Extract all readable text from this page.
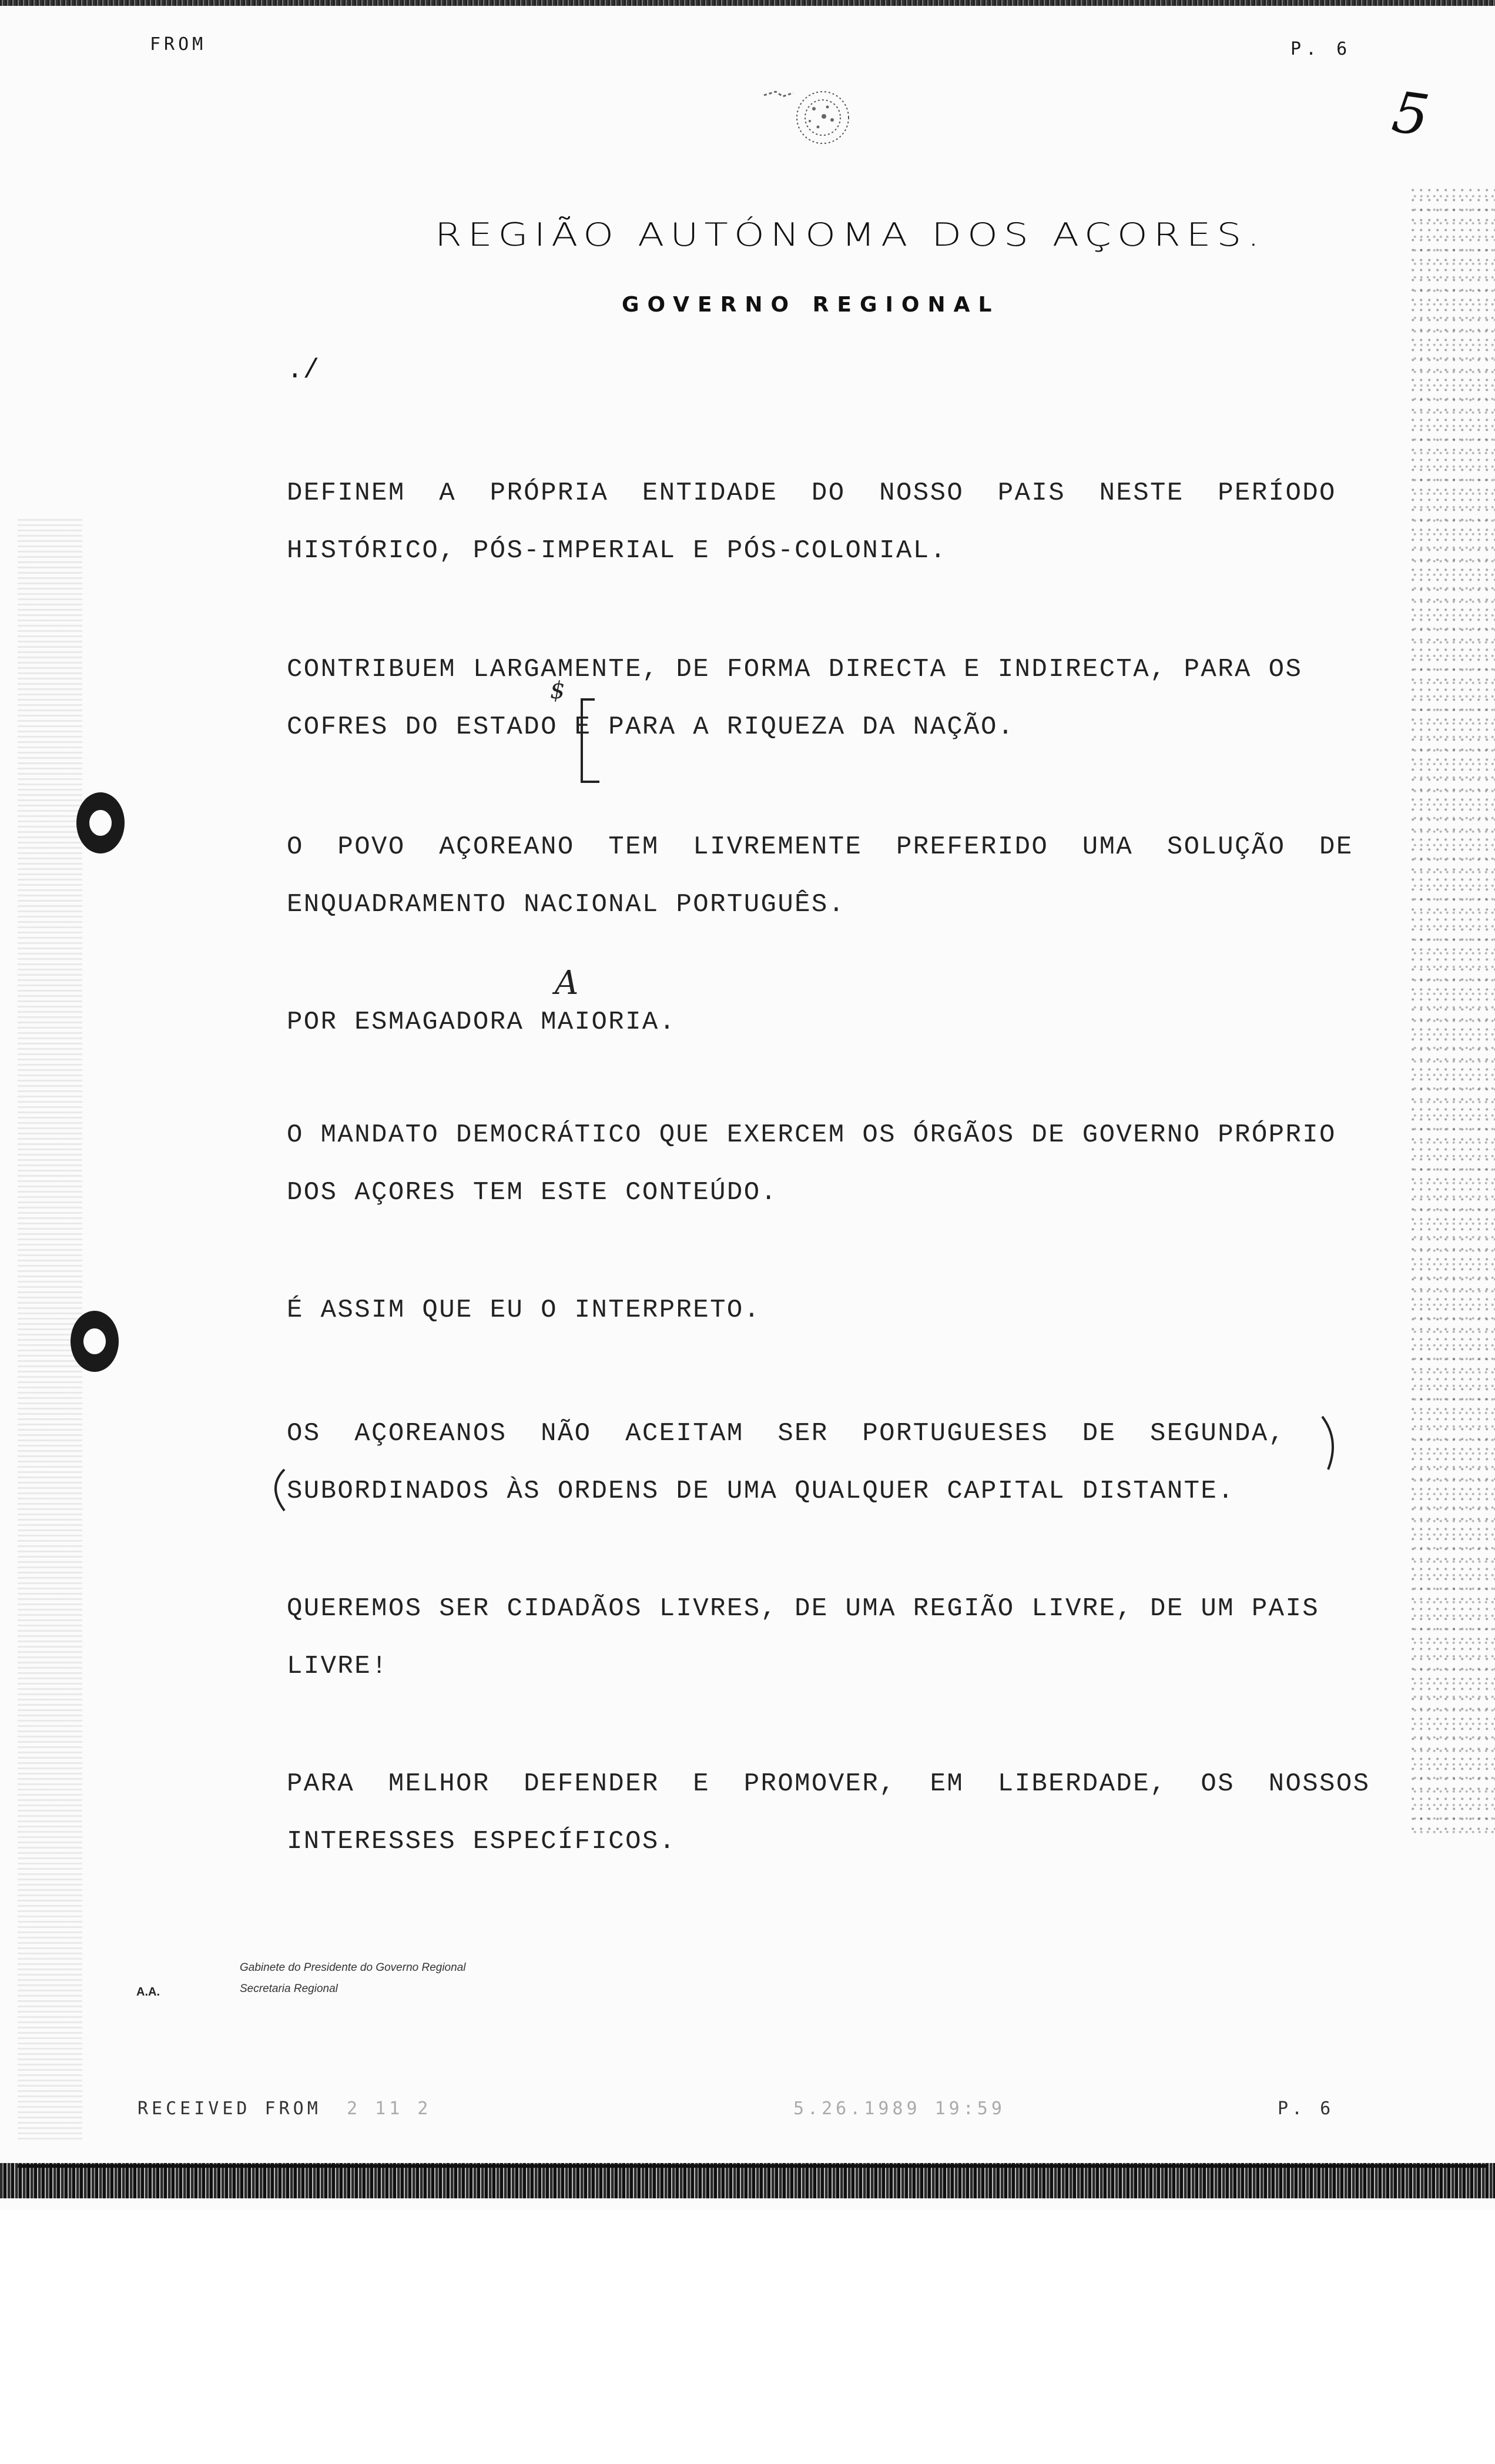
FROM	P. 6
5
REGIÃO AUTÓNOMA DOS AÇORES.
GOVERNO REGIONAL
./

DEFINEM  A  PRÓPRIA  ENTIDADE  DO  NOSSO  PAIS  NESTE  PERÍODO
HISTÓRICO, PÓS-IMPERIAL E PÓS-COLONIAL.

CONTRIBUEM LARGAMENTE, DE FORMA DIRECTA E INDIRECTA, PARA OS
COFRES DO ESTADO E PARA A RIQUEZA DA NAÇÃO.

O  POVO  AÇOREANO  TEM  LIVREMENTE  PREFERIDO  UMA  SOLUÇÃO  DE
ENQUADRAMENTO NACIONAL PORTUGUÊS.

POR ESMAGADORA MAIORIA.

O MANDATO DEMOCRÁTICO QUE EXERCEM OS ÓRGÃOS DE GOVERNO PRÓPRIO
DOS AÇORES TEM ESTE CONTEÚDO.

É ASSIM QUE EU O INTERPRETO.

OS  AÇOREANOS  NÃO  ACEITAM  SER  PORTUGUESES  DE  SEGUNDA,
SUBORDINADOS ÀS ORDENS DE UMA QUALQUER CAPITAL DISTANTE.

QUEREMOS SER CIDADÃOS LIVRES, DE UMA REGIÃO LIVRE, DE UM PAIS
LIVRE!

PARA  MELHOR  DEFENDER  E  PROMOVER,  EM  LIBERDADE,  OS  NOSSOS
INTERESSES ESPECÍFICOS.

$
A
Gabinete do Presidente do Governo Regional
Secretaria Regional
A.A.
RECEIVED FROM 2 11 2	5.26.1989 19:59	P. 6
